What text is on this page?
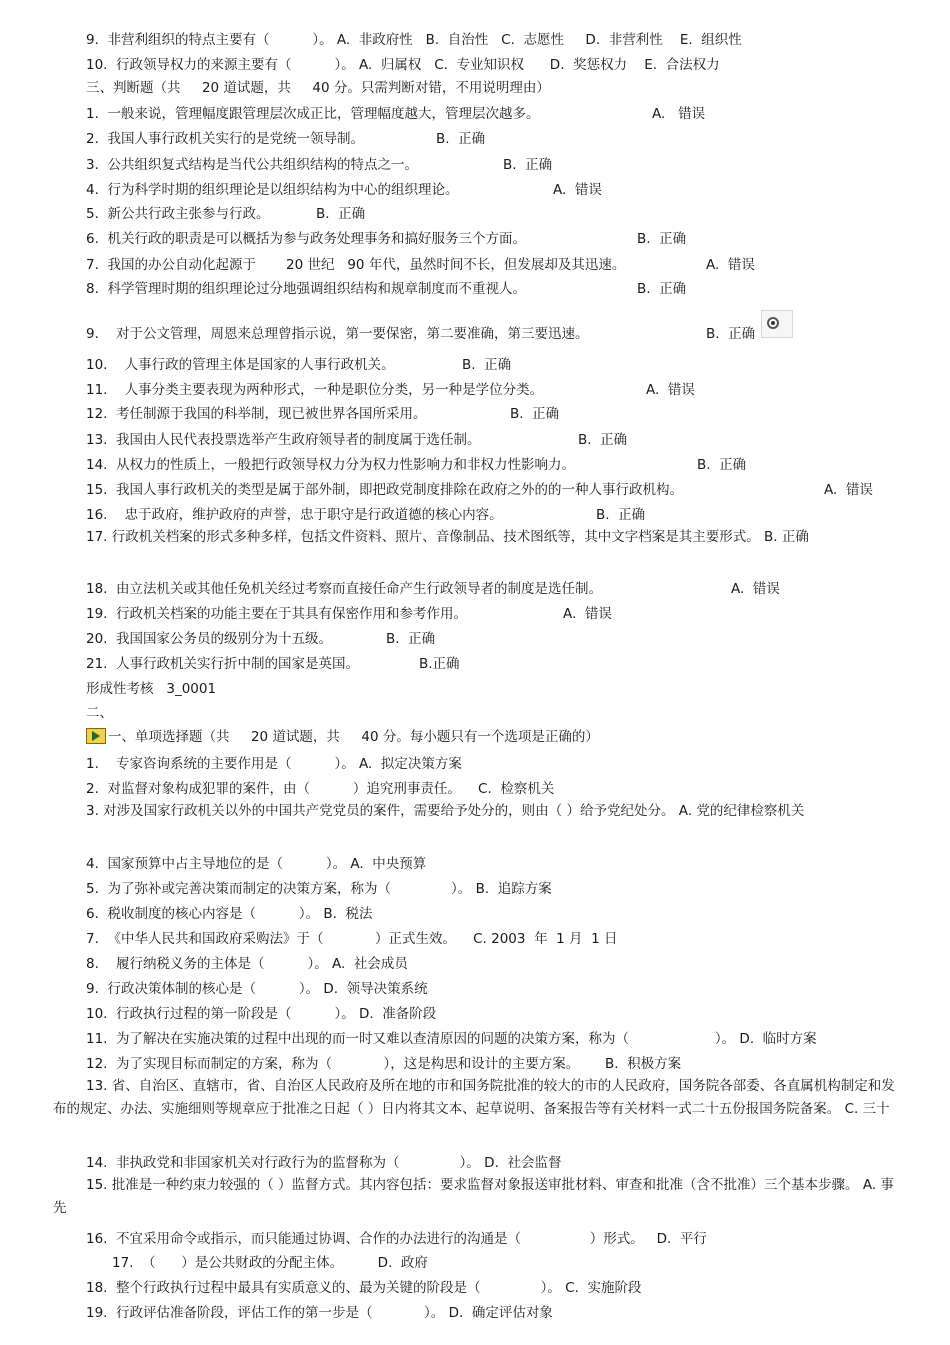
9.  非营利组织的特点主要有（          ）。 A.  非政府性   B.  自治性   C.  志愿性     D.  非营利性    E.  组织性
10.  行政领导权力的来源主要有（          ）。 A.  归属权   C.  专业知识权      D.  奖惩权力    E.  合法权力
三、判断题（共     20 道试题，共     40 分。只需判断对错，不用说明理由）
1.  一般来说，管理幅度跟管理层次成正比，管理幅度越大，管理层次越多。	A.   错误
2.  我国人事行政机关实行的是党统一领导制。	B.  正确
3.  公共组织复式结构是当代公共组织结构的特点之一。	B.  正确
4.  行为科学时期的组织理论是以组织结构为中心的组织理论。	A.  错误
5.  新公共行政主张参与行政。	B.  正确
6.  机关行政的职责是可以概括为参与政务处理事务和搞好服务三个方面。	B.  正确
7.  我国的办公自动化起源于       20 世纪   90 年代，虽然时间不长，但发展却及其迅速。	A.  错误
8.  科学管理时期的组织理论过分地强调组织结构和规章制度而不重视人。	B.  正确
9.    对于公文管理，周恩来总理曾指示说，第一要保密，第二要准确，第三要迅速。	B.  正确
10.    人事行政的管理主体是国家的人事行政机关。	B.  正确
11.    人事分类主要表现为两种形式，一种是职位分类，另一种是学位分类。	A.  错误
12.  考任制源于我国的科举制，现已被世界各国所采用。	B.  正确
13.  我国由人民代表投票选举产生政府领导者的制度属于选任制。	B.  正确
14.  从权力的性质上，一般把行政领导权力分为权力性影响力和非权力性影响力。	B.  正确
15.  我国人事行政机关的类型是属于部外制，即把政党制度排除在政府之外的的一种人事行政机构。	A.  错误
16.    忠于政府，维护政府的声誉，忠于职守是行政道德的核心内容。	B.  正确
17. 行政机关档案的形式多种多样，包括文件资料、照片、音像制品、技术图纸等，其中文字档案是其主要形式。 B. 正确
18.  由立法机关或其他任免机关经过考察而直接任命产生行政领导者的制度是选任制。	A.  错误
19.  行政机关档案的功能主要在于其具有保密作用和参考作用。	A.  错误
20.  我国国家公务员的级别分为十五级。	B.  正确
21.  人事行政机关实行折中制的国家是英国。	B.正确
形成性考核   3_0001
二、
一、单项选择题（共     20 道试题，共     40 分。每小题只有一个选项是正确的）
1.    专家咨询系统的主要作用是（          ）。 A.  拟定决策方案
2.  对监督对象构成犯罪的案件，由（          ）追究刑事责任。    C.  检察机关
3. 对涉及国家行政机关以外的中国共产党党员的案件，需要给予处分的，则由（ ）给予党纪处分。 A. 党的纪律检察机关
4.  国家预算中占主导地位的是（          ）。 A.  中央预算
5.  为了弥补或完善决策而制定的决策方案，称为（              ）。 B.  追踪方案
6.  税收制度的核心内容是（          ）。 B.  税法
7.  《中华人民共和国政府采购法》于（            ）正式生效。    C. 2003  年  1 月  1 日
8.    履行纳税义务的主体是（          ）。 A.  社会成员
9.  行政决策体制的核心是（          ）。 D.  领导决策系统
10.  行政执行过程的第一阶段是（          ）。 D.  准备阶段
11.  为了解决在实施决策的过程中出现的而一时又难以查清原因的问题的决策方案，称为（                    ）。 D.  临时方案
12.  为了实现目标而制定的方案，称为（            ），这是构思和设计的主要方案。      B.  积极方案
13. 省、自治区、直辖市，省、自治区人民政府及所在地的市和国务院批准的较大的市的人民政府，国务院各部委、各直属机构制定和发布的规定、办法、实施细则等规章应于批准之日起（ ）日内将其文本、起草说明、备案报告等有关材料一式二十五份报国务院备案。 C. 三十
14.  非执政党和非国家机关对行政行为的监督称为（              ）。 D.  社会监督
15. 批准是一种约束力较强的（ ）监督方式。其内容包括：要求监督对象报送审批材料、审查和批准（含不批准）三个基本步骤。 A. 事先
16.  不宜采用命令或指示，而只能通过协调、合作的办法进行的沟通是（                ）形式。   D.  平行
17.  （      ）是公共财政的分配主体。        D.  政府
18.  整个行政执行过程中最具有实质意义的、最为关键的阶段是（              ）。 C.  实施阶段
19.  行政评估准备阶段，评估工作的第一步是（            ）。 D.  确定评估对象
